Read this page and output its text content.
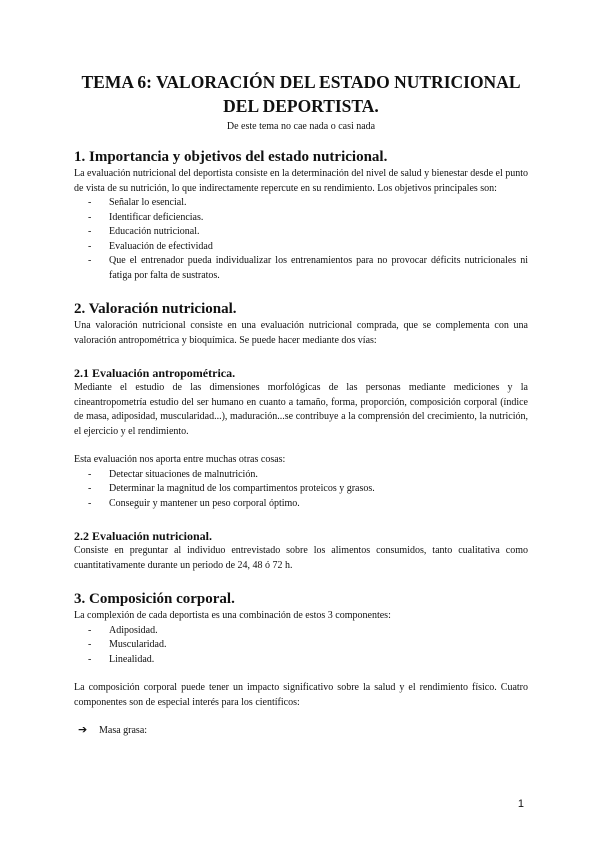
TEMA 6: VALORACIÓN DEL ESTADO NUTRICIONAL DEL DEPORTISTA.
De este tema no cae nada o casi nada
1. Importancia y objetivos del estado nutricional.

La evaluación nutricional del deportista consiste en la determinación del nivel de salud y bienestar desde el punto de vista de su nutrición, lo que indirectamente repercute en su rendimiento. Los objetivos principales son:

- Señalar lo esencial.
- Identificar deficiencias.
- Educación nutricional.
- Evaluación de efectividad
- Que el entrenador pueda individualizar los entrenamientos para no provocar déficits nutricionales ni fatiga por falta de sustratos.
2. Valoración nutricional.

Una valoración nutricional consiste en una evaluación nutricional comprada, que se complementa con una valoración antropométrica y bioquímica. Se puede hacer mediante dos vías:

2.1 Evaluación antropométrica.

Mediante el estudio de las dimensiones morfológicas de las personas mediante mediciones y la cineantropometría estudio del ser humano en cuanto a tamaño, forma, proporción, composición corporal (índice de masa, adiposidad, muscularidad...), maduración...se contribuye a la comprensión del crecimiento, la nutrición, el ejercicio y el rendimiento.

Esta evaluación nos aporta entre muchas otras cosas:

- Detectar situaciones de malnutrición.
- Determinar la magnitud de los compartimentos proteicos y grasos.
- Conseguir y mantener un peso corporal óptimo.
2.2 Evaluación nutricional.

Consiste en preguntar al individuo entrevistado sobre los alimentos consumidos, tanto cualitativa como cuantitativamente durante un periodo de 24, 48 ó 72 h.

3. Composición corporal.

La complexión de cada deportista es una combinación de estos 3 componentes:

- Adiposidad.
- Muscularidad.
- Linealidad.

La composición corporal puede tener un impacto significativo sobre la salud y el rendimiento físico. Cuatro componentes son de especial interés para los científicos:

➔ Masa grasa:
1
